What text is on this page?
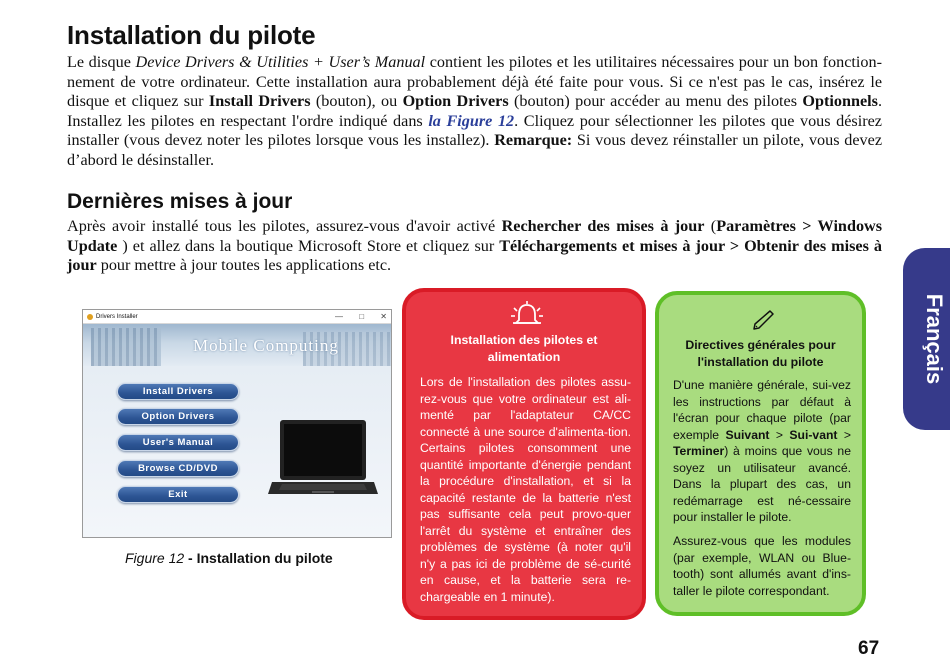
Installation du pilote

Le disque Device Drivers & Utilities + User’s Manual contient les pilotes et les utilitaires nécessaires pour un bon fonction-nement de votre ordinateur. Cette installation aura probablement déjà été faite pour vous. Si ce n'est pas le cas, insérez le disque et cliquez sur Install Drivers (bouton), ou Option Drivers (bouton) pour accéder au menu des pilotes Optionnels. Installez les pilotes en respectant l'ordre indiqué dans la Figure 12. Cliquez pour sélectionner les pilotes que vous désirez installer (vous devez noter les pilotes lorsque vous les installez). Remarque: Si vous devez réinstaller un pilote, vous devez d’abord le désinstaller.

Dernières mises à jour

Après avoir installé tous les pilotes, assurez-vous d'avoir activé Rechercher des mises à jour (Paramètres > Windows Update ) et allez dans la boutique Microsoft Store et cliquez sur Téléchargements et mises à jour > Obtenir des mises à jour pour mettre à jour toutes les applications etc.

Français
Drivers Installer	— □ ✕
Mobile Computing
Install Drivers
Option Drivers
User's Manual
Browse CD/DVD
Exit
Figure 12 - Installation du pilote
Installation des pilotes et alimentation
Lors de l'installation des pilotes assu-rez-vous que votre ordinateur est ali-menté par l'adaptateur CA/CC connecté à une source d'alimenta-tion. Certains pilotes consomment une quantité importante d'énergie pendant la procédure d'installation, et si la capacité restante de la batterie n'est pas suffisante cela peut provo-quer l'arrêt du système et entraîner des problèmes de système (à noter qu'il n'y a pas ici de problème de sé-curité en cause, et la batterie sera re-chargeable en 1 minute).
Directives générales pour l'installation du pilote
D'une manière générale, sui-vez les instructions par défaut à l'écran pour chaque pilote (par exemple Suivant > Sui-vant > Terminer) à moins que vous ne soyez un utilisateur avancé. Dans la plupart des cas, un redémarrage est né-cessaire pour installer le pilote.
Assurez-vous que les modules (par exemple, WLAN ou Blue-tooth) sont allumés avant d'ins-taller le pilote correspondant.
67
